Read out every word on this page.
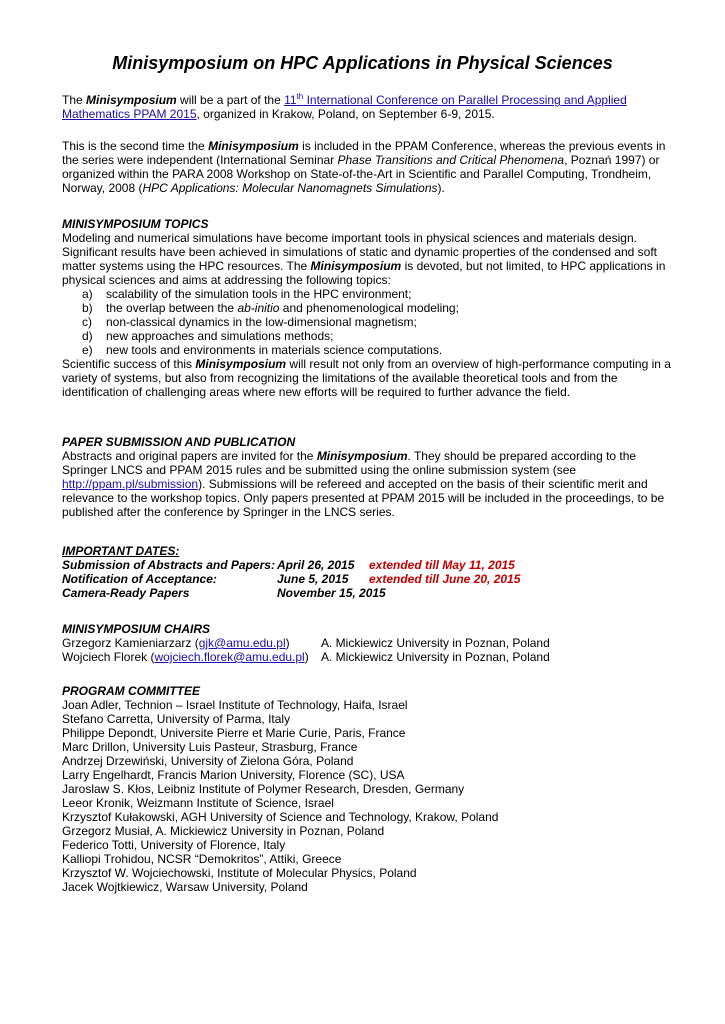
Minisymposium on HPC Applications in Physical Sciences

The Minisymposium will be a part of the 11th International Conference on Parallel Processing and Applied Mathematics PPAM 2015, organized in Krakow, Poland, on September 6-9, 2015.

This is the second time the Minisymposium is included in the PPAM Conference, whereas the previous events in the series were independent (International Seminar Phase Transitions and Critical Phenomena, Poznań 1997) or organized within the PARA 2008 Workshop on State-of-the-Art in Scientific and Parallel Computing, Trondheim, Norway, 2008 (HPC Applications: Molecular Nanomagnets Simulations).

MINISYMPOSIUM TOPICS

Modeling and numerical simulations have become important tools in physical sciences and materials design. Significant results have been achieved in simulations of static and dynamic properties of the condensed and soft matter systems using the HPC resources. The Minisymposium is devoted, but not limited, to HPC applications in physical sciences and aims at addressing the following topics:

a)	scalability of the simulation tools in the HPC environment;
b)	the overlap between the ab-initio and phenomenological modeling;
c)	non-classical dynamics in the low-dimensional magnetism;
d)	new approaches and simulations methods;
e)	new tools and environments in materials science computations.

Scientific success of this Minisymposium will result not only from an overview of high-performance computing in a variety of systems, but also from recognizing the limitations of the available theoretical tools and from the identification of challenging areas where new efforts will be required to further advance the field.

PAPER SUBMISSION AND PUBLICATION

Abstracts and original papers are invited for the Minisymposium. They should be prepared according to the Springer LNCS and PPAM 2015 rules and be submitted using the online submission system (see http://ppam.pl/submission). Submissions will be refereed and accepted on the basis of their scientific merit and relevance to the workshop topics. Only papers presented at PPAM 2015 will be included in the proceedings, to be published after the conference by Springer in the LNCS series.

IMPORTANT DATES:

Submission of Abstracts and Papers: April 26, 2015	extended till May 11, 2015
Notification of Acceptance:	June 5, 2015	extended till June 20, 2015
Camera-Ready Papers	November 15, 2015

MINISYMPOSIUM CHAIRS

Grzegorz Kamieniarzarz (gjk@amu.edu.pl)	A. Mickiewicz University in Poznan, Poland
Wojciech Florek (wojciech.florek@amu.edu.pl)	A. Mickiewicz University in Poznan, Poland

PROGRAM COMMITTEE

Joan Adler, Technion – Israel Institute of Technology, Haifa, Israel

Stefano Carretta, University of Parma, Italy

Philippe Depondt, Universite Pierre et Marie Curie, Paris, France

Marc Drillon, University Luis Pasteur, Strasburg, France

Andrzej Drzewiński, University of Zielona Góra, Poland

Larry Engelhardt, Francis Marion University, Florence (SC), USA

Jaroslaw S. Kłos, Leibniz Institute of Polymer Research, Dresden, Germany

Leeor Kronik, Weizmann Institute of Science, Israel

Krzysztof Kułakowski, AGH University of Science and Technology, Krakow, Poland

Grzegorz Musiał, A. Mickiewicz University in Poznan, Poland

Federico Totti, University of Florence, Italy

Kalliopi Trohidou, NCSR “Demokritos”, Attiki, Greece

Krzysztof W. Wojciechowski, Institute of Molecular Physics, Poland

Jacek Wojtkiewicz, Warsaw University, Poland
